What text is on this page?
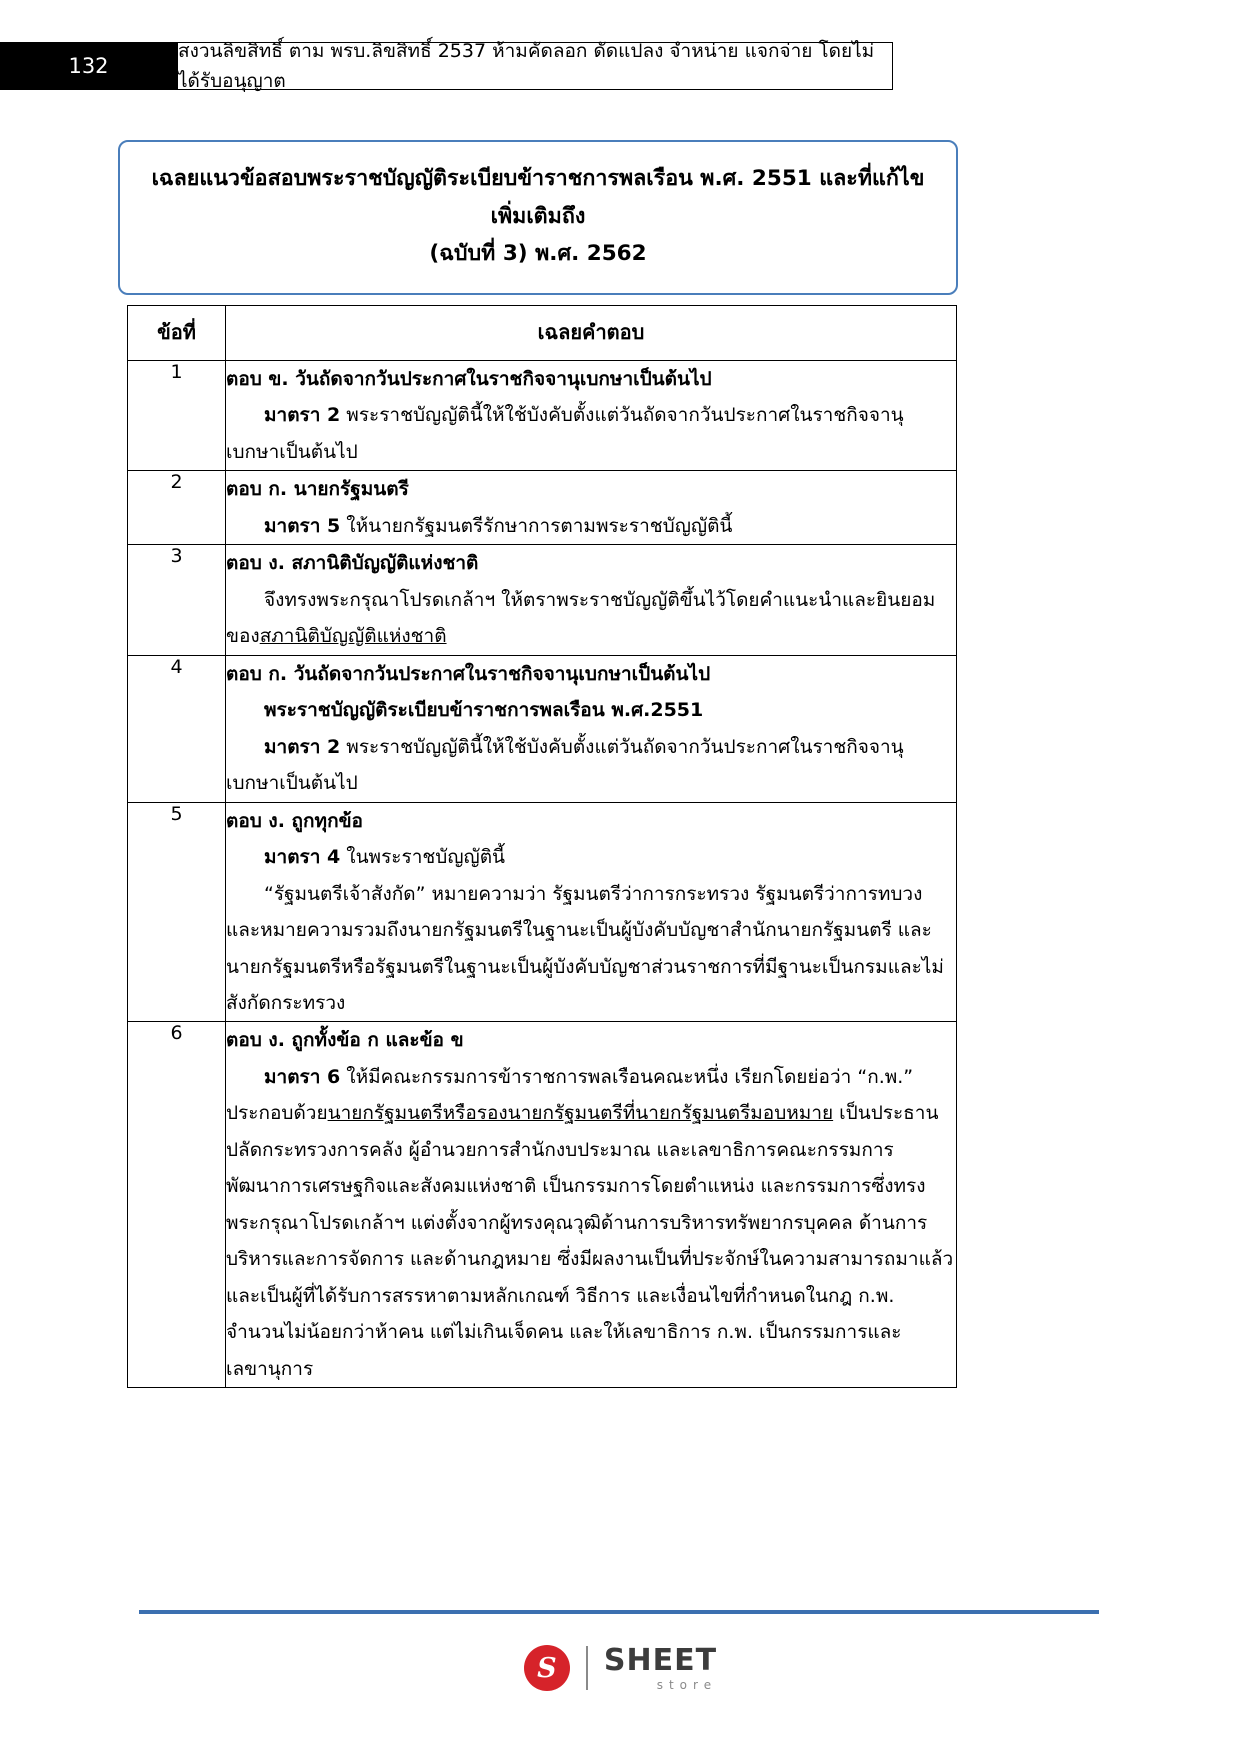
132
สงวนลิขสิทธิ์ ตาม พรบ.ลิขสิทธิ์ 2537 ห้ามคัดลอก ดัดแปลง จำหน่าย แจกจ่าย โดยไม่ได้รับอนุญาต
เฉลยแนวข้อสอบพระราชบัญญัติระเบียบข้าราชการพลเรือน พ.ศ. 2551 และที่แก้ไขเพิ่มเติมถึง
(ฉบับที่ 3) พ.ศ. 2562
ข้อที่	เฉลยคำตอบ

1	ตอบ ข. วันถัดจากวันประกาศในราชกิจจานุเบกษาเป็นต้นไป
มาตรา 2 พระราชบัญญัตินี้ให้ใช้บังคับตั้งแต่วันถัดจากวันประกาศในราชกิจจานุเบกษาเป็นต้นไป

2	ตอบ ก. นายกรัฐมนตรี
มาตรา 5 ให้นายกรัฐมนตรีรักษาการตามพระราชบัญญัตินี้

3	ตอบ ง. สภานิติบัญญัติแห่งชาติ
จึงทรงพระกรุณาโปรดเกล้าฯ ให้ตราพระราชบัญญัติขึ้นไว้โดยคำแนะนำและยินยอมของสภานิติบัญญัติแห่งชาติ

4	ตอบ ก. วันถัดจากวันประกาศในราชกิจจานุเบกษาเป็นต้นไป
พระราชบัญญัติระเบียบข้าราชการพลเรือน พ.ศ.2551
มาตรา 2 พระราชบัญญัตินี้ให้ใช้บังคับตั้งแต่วันถัดจากวันประกาศในราชกิจจานุเบกษาเป็นต้นไป

5	ตอบ ง. ถูกทุกข้อ
มาตรา 4 ในพระราชบัญญัตินี้
“รัฐมนตรีเจ้าสังกัด” หมายความว่า รัฐมนตรีว่าการกระทรวง รัฐมนตรีว่าการทบวงและหมายความรวมถึงนายกรัฐมนตรีในฐานะเป็นผู้บังคับบัญชาสำนักนายกรัฐมนตรี และนายกรัฐมนตรีหรือรัฐมนตรีในฐานะเป็นผู้บังคับบัญชาส่วนราชการที่มีฐานะเป็นกรมและไม่สังกัดกระทรวง

6	ตอบ ง. ถูกทั้งข้อ ก และข้อ ข
มาตรา 6 ให้มีคณะกรรมการข้าราชการพลเรือนคณะหนึ่ง เรียกโดยย่อว่า “ก.พ.” ประกอบด้วยนายกรัฐมนตรีหรือรองนายกรัฐมนตรีที่นายกรัฐมนตรีมอบหมาย เป็นประธาน ปลัดกระทรวงการคลัง ผู้อำนวยการสำนักงบประมาณ และเลขาธิการคณะกรรมการพัฒนาการเศรษฐกิจและสังคมแห่งชาติ เป็นกรรมการโดยตำแหน่ง และกรรมการซึ่งทรงพระกรุณาโปรดเกล้าฯ แต่งตั้งจากผู้ทรงคุณวุฒิด้านการบริหารทรัพยากรบุคคล ด้านการบริหารและการจัดการ และด้านกฎหมาย ซึ่งมีผลงานเป็นที่ประจักษ์ในความสามารถมาแล้ว และเป็นผู้ที่ได้รับการสรรหาตามหลักเกณฑ์ วิธีการ และเงื่อนไขที่กำหนดในกฎ ก.พ. จำนวนไม่น้อยกว่าห้าคน แต่ไม่เกินเจ็ดคน และให้เลขาธิการ ก.พ. เป็นกรรมการและเลขานุการ
S	SHEET
store
